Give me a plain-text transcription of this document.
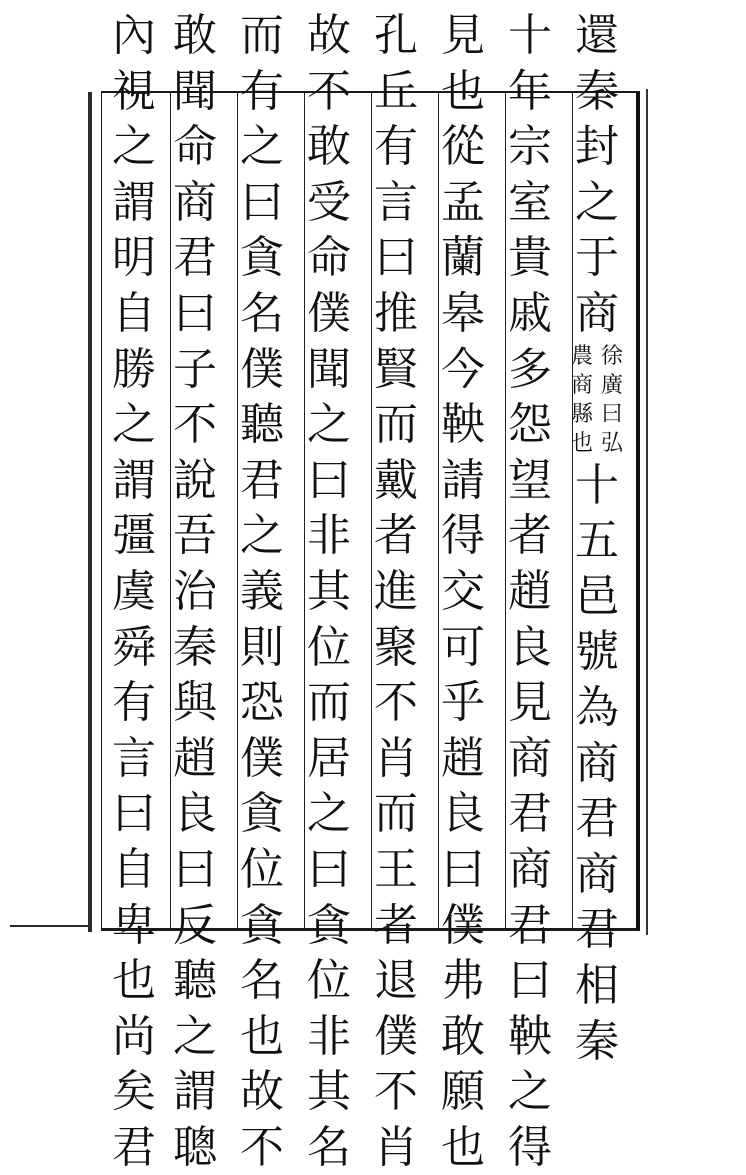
還
秦
封
之
于
商
徐
廣
曰
弘
農
商
縣
也
十
五
邑
號
為
商
君
商
君
相
秦
十
年
宗
室
貴
戚
多
怨
望
者
趙
良
見
商
君
商
君
曰
鞅
之
得
見
也
從
孟
蘭
皋
今
鞅
請
得
交
可
乎
趙
良
曰
僕
弗
敢
願
也
孔
丘
有
言
曰
推
賢
而
戴
者
進
聚
不
肖
而
王
者
退
僕
不
肖
故
不
敢
受
命
僕
聞
之
曰
非
其
位
而
居
之
曰
貪
位
非
其
名
而
有
之
曰
貪
名
僕
聽
君
之
義
則
恐
僕
貪
位
貪
名
也
故
不
敢
聞
命
商
君
曰
子
不
說
吾
治
秦
與
趙
良
曰
反
聽
之
謂
聰
內
視
之
謂
明
自
勝
之
謂
彊
虞
舜
有
言
曰
自
卑
也
尚
矣
君
